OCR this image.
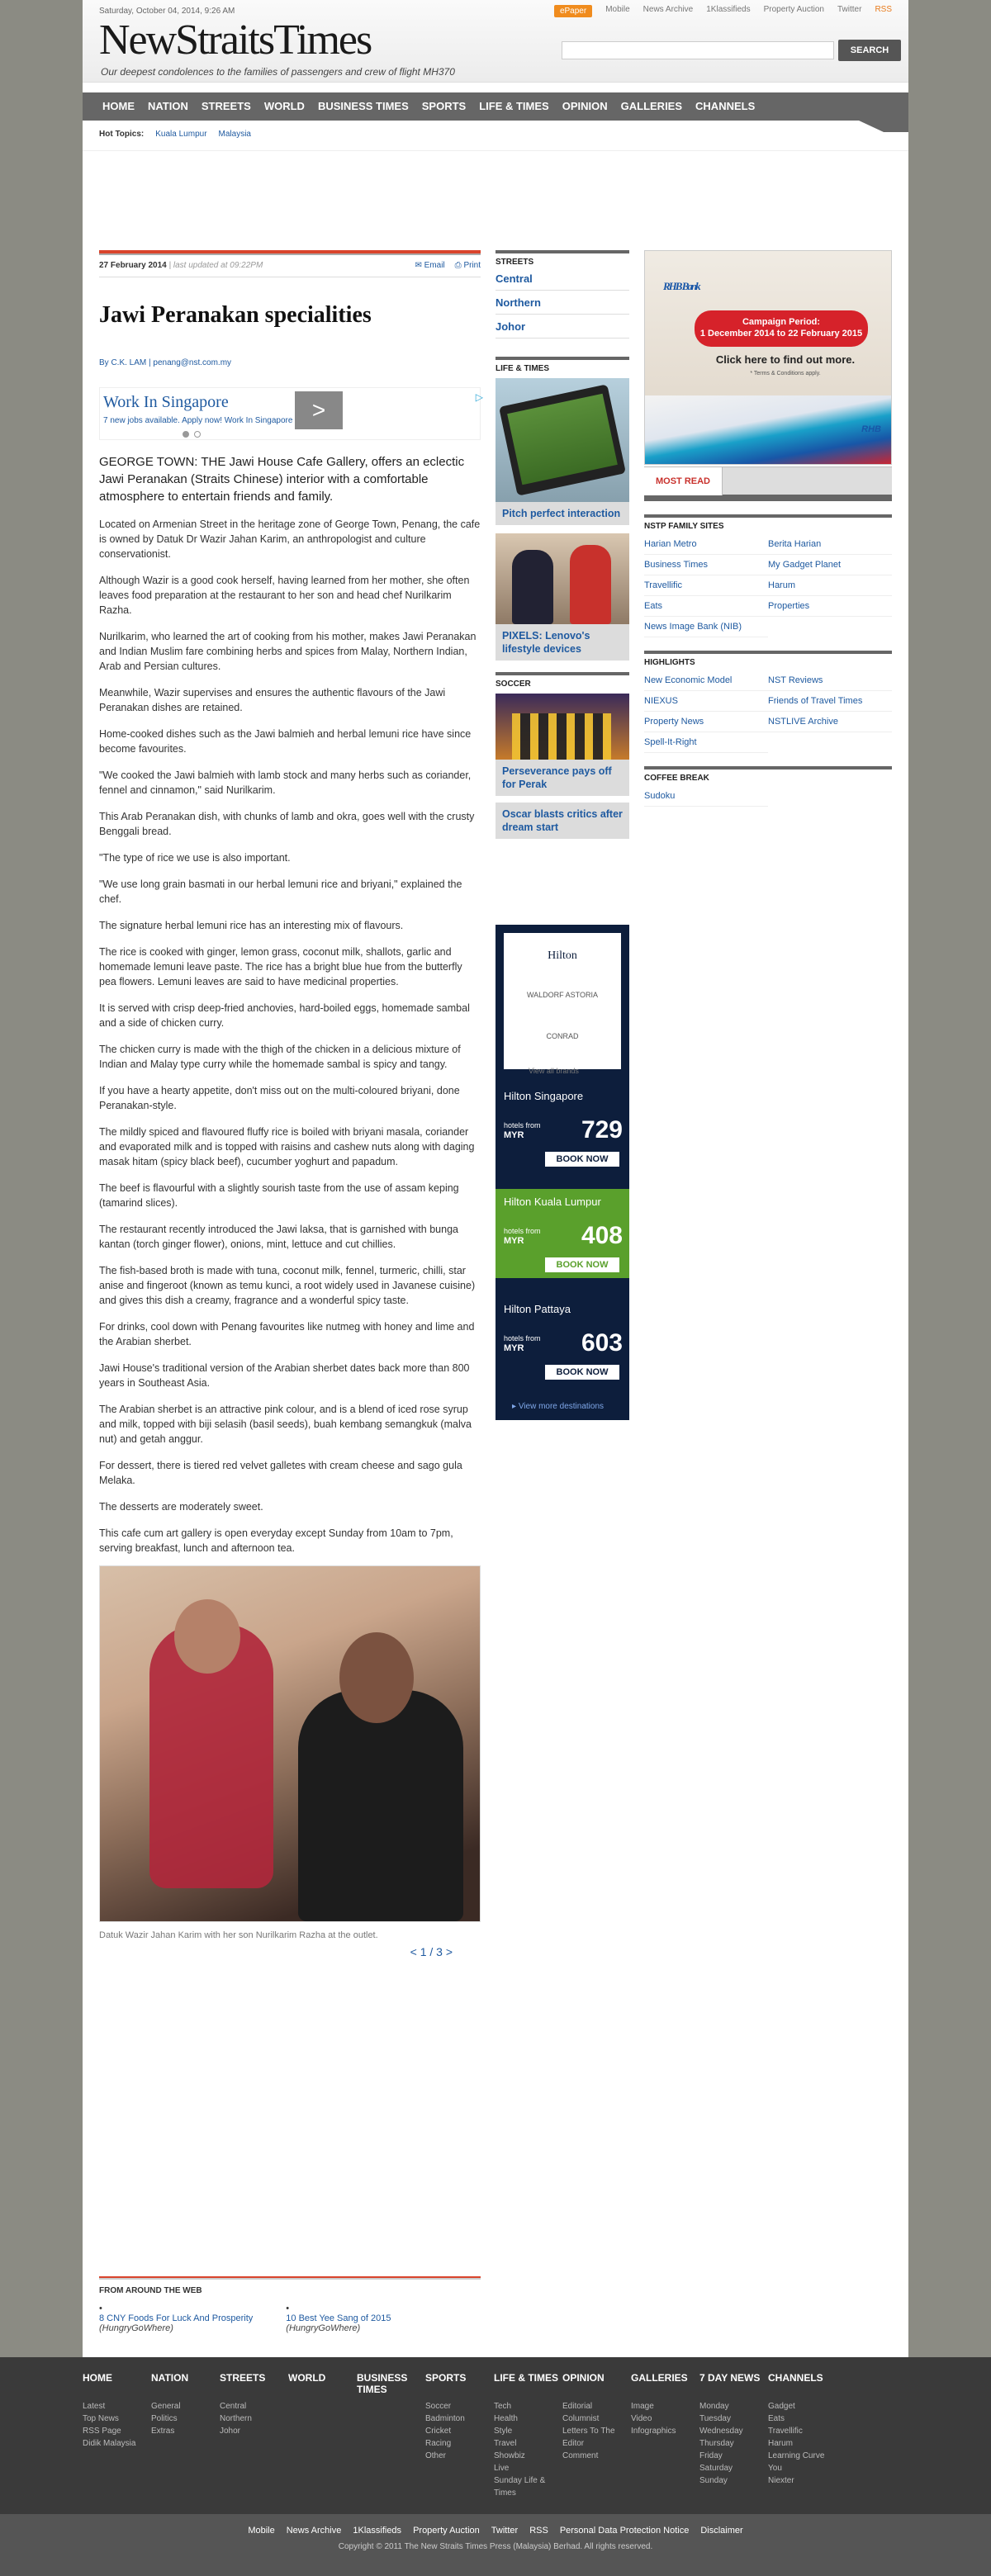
Saturday, October 04, 2014, 9:26 AM	ePaper	Mobile News Archive 1Klassifieds Property Auction Twitter RSS
NewStraitsTimes
Our deepest condolences to the families of passengers and crew of flight MH370
SEARCH
HOME	NATION	STREETS	WORLD	BUSINESS TIMES	SPORTS	LIFE & TIMES	OPINION	GALLERIES	CHANNELS
Hot Topics: Kuala Lumpur Malaysia
27 February 2014 | last updated at 09:22PM	✉ Email ⎙ Print
Jawi Peranakan specialities
By C.K. LAM | penang@nst.com.my
Work In Singapore
7 new jobs available. Apply now! Work In Singapore >	▷

GEORGE TOWN: THE Jawi House Cafe Gallery, offers an eclectic Jawi Peranakan (Straits Chinese) interior with a comfortable atmosphere to entertain friends and family.

Located on Armenian Street in the heritage zone of George Town, Penang, the cafe is owned by Datuk Dr Wazir Jahan Karim, an anthropologist and culture conservationist.

Although Wazir is a good cook herself, having learned from her mother, she often leaves food preparation at the restaurant to her son and head chef Nurilkarim Razha.

Nurilkarim, who learned the art of cooking from his mother, makes Jawi Peranakan and Indian Muslim fare combining herbs and spices from Malay, Northern Indian, Arab and Persian cultures.

Meanwhile, Wazir supervises and ensures the authentic flavours of the Jawi Peranakan dishes are retained.

Home-cooked dishes such as the Jawi balmieh and herbal lemuni rice have since become favourites.

"We cooked the Jawi balmieh with lamb stock and many herbs such as coriander, fennel and cinnamon," said Nurilkarim.

This Arab Peranakan dish, with chunks of lamb and okra, goes well with the crusty Benggali bread.

"The type of rice we use is also important.

"We use long grain basmati in our herbal lemuni rice and briyani," explained the chef.

The signature herbal lemuni rice has an interesting mix of flavours.

The rice is cooked with ginger, lemon grass, coconut milk, shallots, garlic and homemade lemuni leave paste. The rice has a bright blue hue from the butterfly pea flowers. Lemuni leaves are said to have medicinal properties.

It is served with crisp deep-fried anchovies, hard-boiled eggs, homemade sambal and a side of chicken curry.

The chicken curry is made with the thigh of the chicken in a delicious mixture of Indian and Malay type curry while the homemade sambal is spicy and tangy.

If you have a hearty appetite, don't miss out on the multi-coloured briyani, done Peranakan-style.

The mildly spiced and flavoured fluffy rice is boiled with briyani masala, coriander and evaporated milk and is topped with raisins and cashew nuts along with daging masak hitam (spicy black beef), cucumber yoghurt and papadum.

The beef is flavourful with a slightly sourish taste from the use of assam keping (tamarind slices).

The restaurant recently introduced the Jawi laksa, that is garnished with bunga kantan (torch ginger flower), onions, mint, lettuce and cut chillies.

The fish-based broth is made with tuna, coconut milk, fennel, turmeric, chilli, star anise and fingeroot (known as temu kunci, a root widely used in Javanese cuisine) and gives this dish a creamy, fragrance and a wonderful spicy taste.

For drinks, cool down with Penang favourites like nutmeg with honey and lime and the Arabian sherbet.

Jawi House's traditional version of the Arabian sherbet dates back more than 800 years in Southeast Asia.

The Arabian sherbet is an attractive pink colour, and is a blend of iced rose syrup and milk, topped with biji selasih (basil seeds), buah kembang semangkuk (malva nut) and getah anggur.

For dessert, there is tiered red velvet galletes with cream cheese and sago gula Melaka.

The desserts are moderately sweet.

This cafe cum art gallery is open everyday except Sunday from 10am to 7pm, serving breakfast, lunch and afternoon tea.

Datuk Wazir Jahan Karim with her son Nurilkarim Razha at the outlet.
< 1 / 3 >
FROM AROUND THE WEB
•
8 CNY Foods For Luck And Prosperity
(HungryGoWhere)
•
10 Best Yee Sang of 2015
(HungryGoWhere)
STREETS
Central
Northern
Johor
LIFE & TIMES
Pitch perfect interaction
PIXELS: Lenovo's lifestyle devices
SOCCER
Perseverance pays off for Perak
Oscar blasts critics after dream start
Hilton
WALDORF ASTORIA
CONRAD
View all brands
Hilton Singapore
hotels from
MYR 729
BOOK NOW
Hilton Kuala Lumpur
hotels from
MYR 408
BOOK NOW
Hilton Pattaya
hotels from
MYR 603
BOOK NOW
▸ View more destinations
RHB Bank
Campaign Period:
1 December 2014 to 22 February 2015
Click here to find out more.
* Terms & Conditions apply.
RHB
MOST READ
NSTP FAMILY SITES
Harian Metro	Berita Harian
Business Times	My Gadget Planet
Travellific	Harum
Eats	Properties
News Image Bank (NIB)
HIGHLIGHTS
New Economic Model	NST Reviews
NIEXUS	Friends of Travel Times
Property News	NSTLIVE Archive
Spell-It-Right
COFFEE BREAK
Sudoku
HOME
Latest
Top News
RSS Page
Didik Malaysia
NATION
General
Politics
Extras
STREETS
Central
Northern
Johor
WORLD	BUSINESS TIMES
SPORTS
Soccer
Badminton
Cricket
Racing
Other
LIFE & TIMES
Tech
Health
Style
Travel
Showbiz
Live
Sunday Life & Times
OPINION
Editorial
Columnist
Letters To The Editor
Comment
GALLERIES
Image
Video
Infographics
7 DAY NEWS
Monday
Tuesday
Wednesday
Thursday
Friday
Saturday
Sunday
CHANNELS
Gadget
Eats
Travellific
Harum
Learning Curve
You
Niexter
Mobile News Archive 1Klassifieds Property Auction Twitter RSS Personal Data Protection Notice Disclaimer
Copyright © 2011 The New Straits Times Press (Malaysia) Berhad. All rights reserved.
